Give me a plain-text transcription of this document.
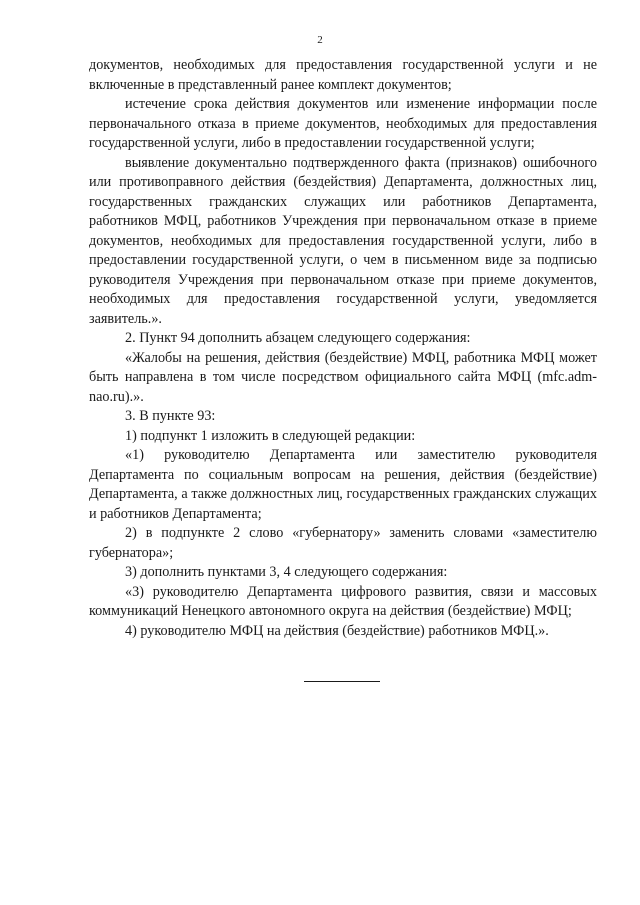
2

документов, необходимых для предоставления государственной услуги и не включенные в представленный ранее комплект документов;

истечение срока действия документов или изменение информации после первоначального отказа в приеме документов, необходимых для предоставления государственной услуги, либо в предоставлении государственной услуги;

выявление документально подтвержденного факта (признаков) ошибочного или противоправного действия (бездействия) Департамента, должностных лиц, государственных гражданских служащих или работников Департамента, работников МФЦ, работников Учреждения при первоначальном отказе в приеме документов, необходимых для предоставления государственной услуги, либо в предоставлении государственной услуги, о чем в письменном виде за подписью руководителя Учреждения при первоначальном отказе при приеме документов, необходимых для предоставления государственной услуги, уведомляется заявитель.».

2. Пункт 94 дополнить абзацем следующего содержания:

«Жалобы на решения, действия (бездействие) МФЦ, работника МФЦ может быть направлена в том числе посредством официального сайта МФЦ (mfc.adm-nao.ru).».

3. В пункте 93:

1) подпункт 1 изложить в следующей редакции:

«1) руководителю Департамента или заместителю руководителя Департамента по социальным вопросам на решения, действия (бездействие) Департамента, а также должностных лиц, государственных гражданских служащих и работников Департамента;

2) в подпункте 2 слово «губернатору» заменить словами «заместителю губернатора»;

3) дополнить пунктами 3, 4 следующего содержания:

«3) руководителю Департамента цифрового развития, связи и массовых коммуникаций Ненецкого автономного округа на действия (бездействие) МФЦ;

4) руководителю МФЦ на действия (бездействие) работников МФЦ.».
